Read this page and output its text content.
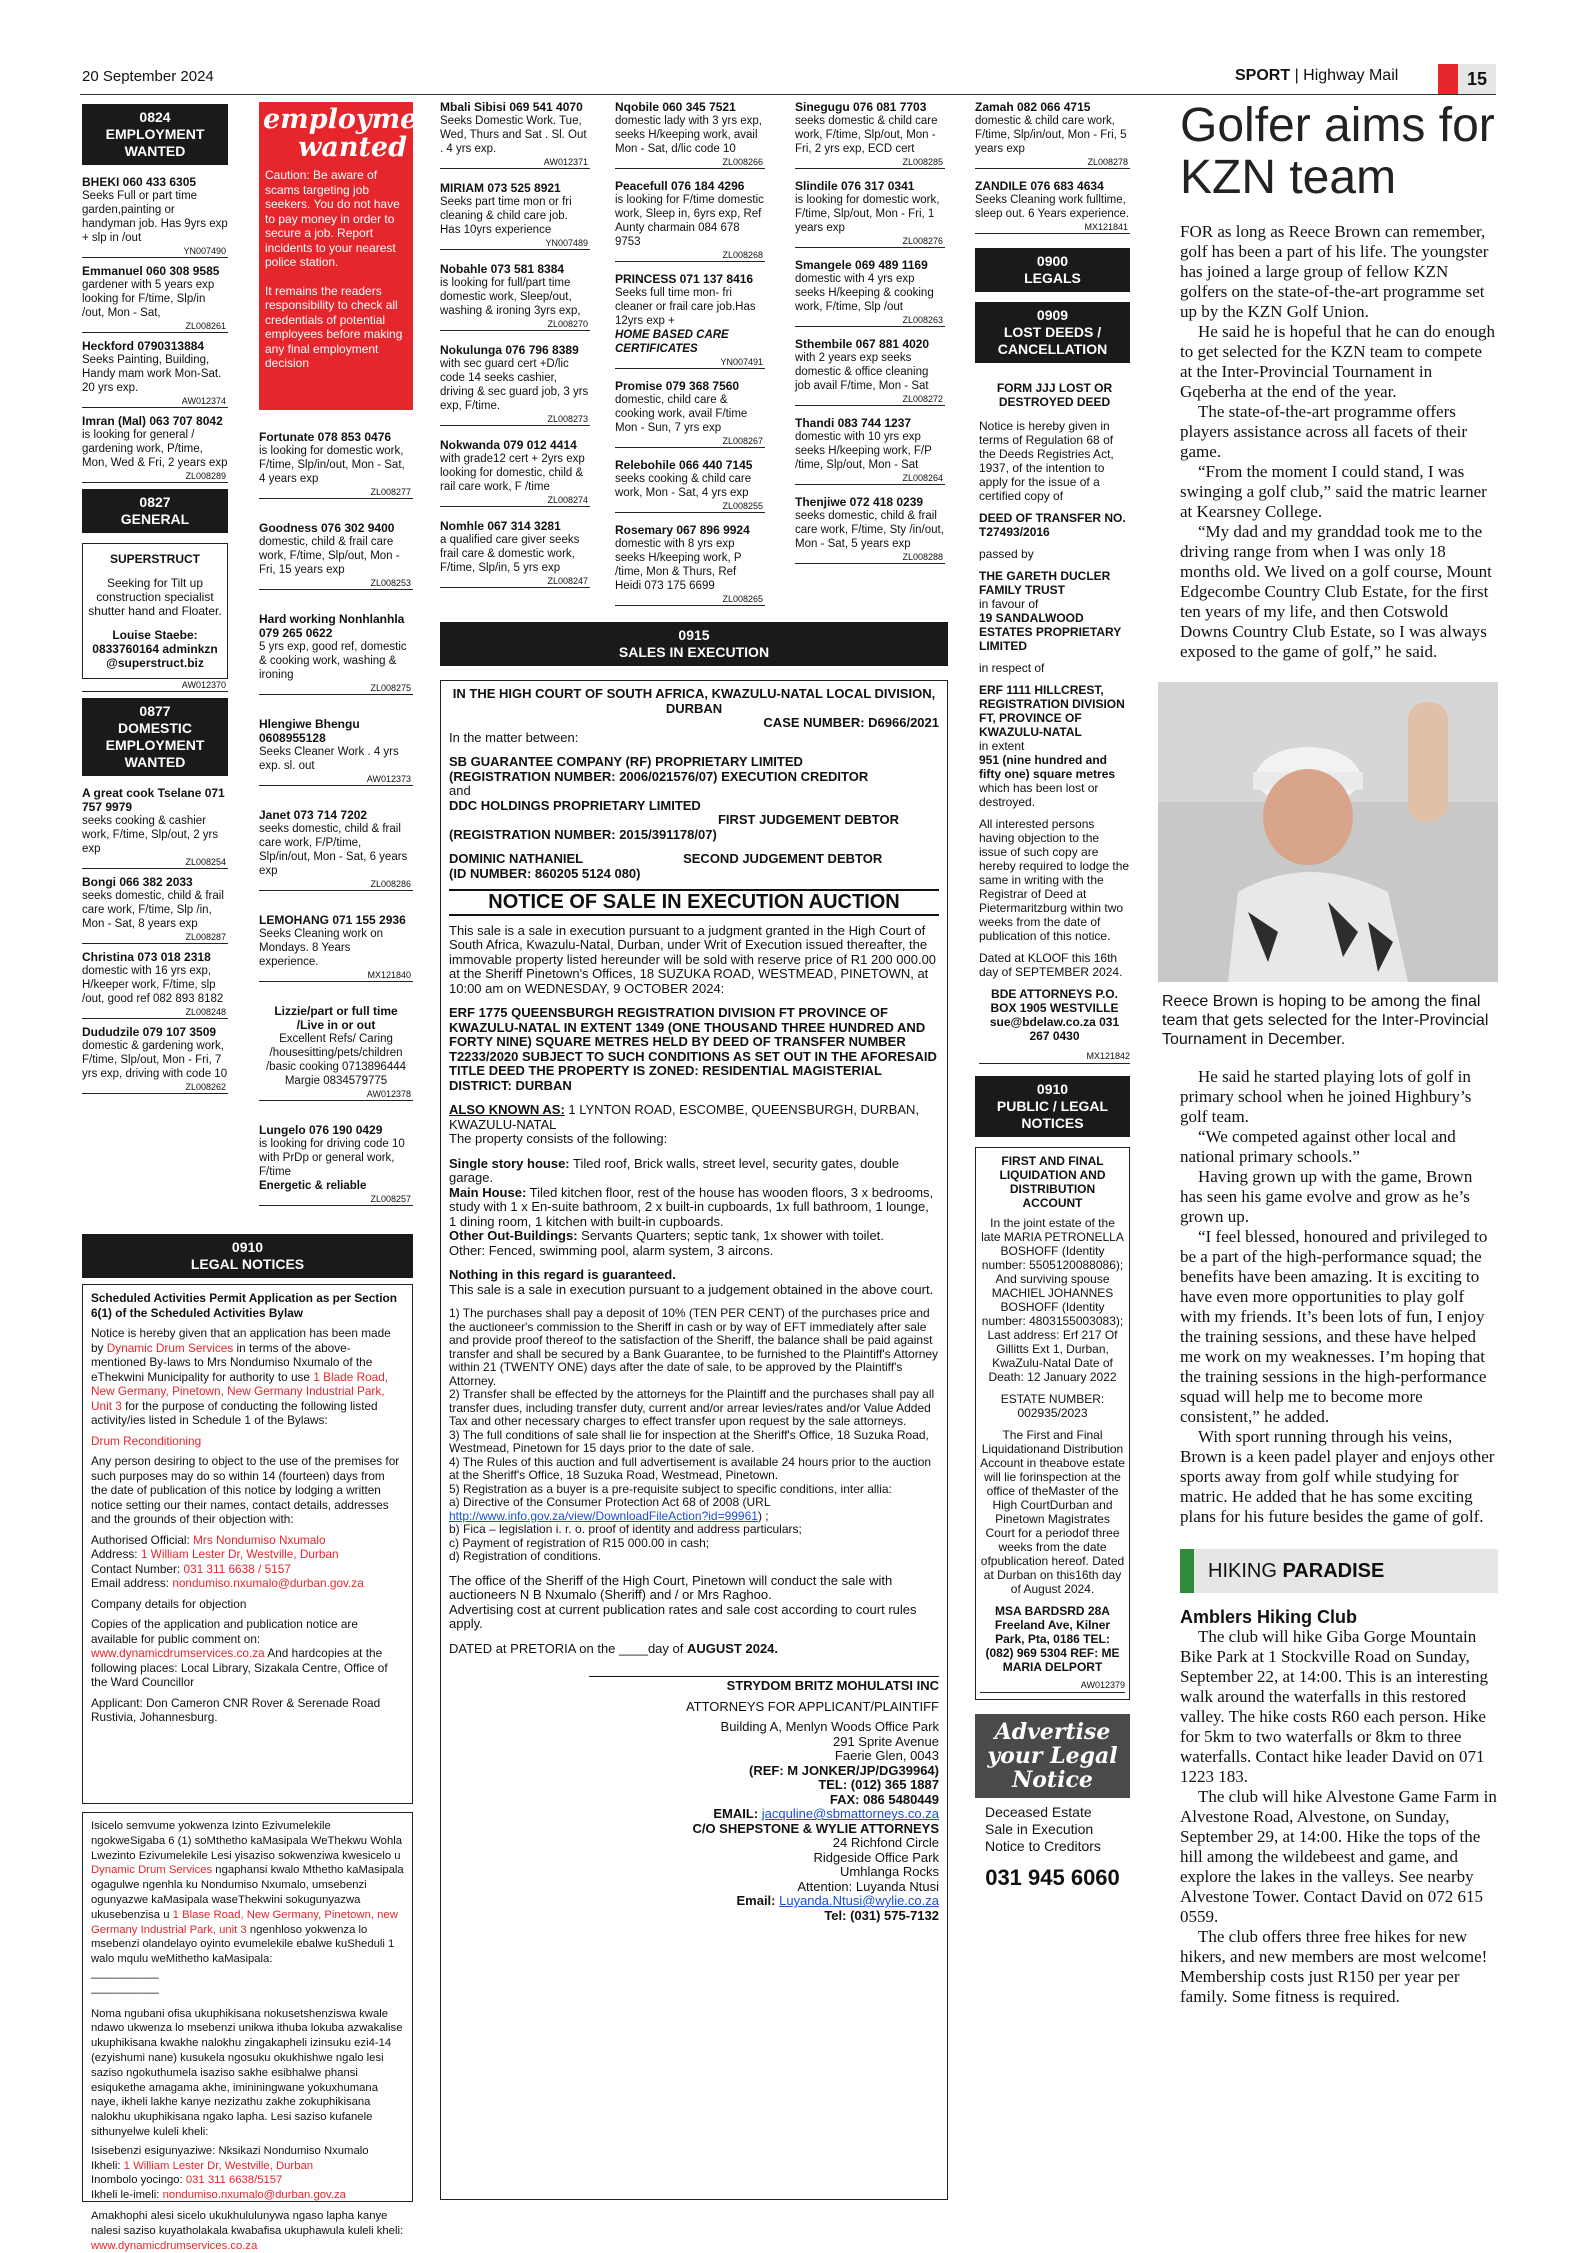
20 September 2024	SPORT | Highway Mail	15
0824
EMPLOYMENT WANTED
BHEKI 060 433 6305
Seeks Full or part time garden,painting or handyman job. Has 9yrs exp + slp in /out
YN007490
Emmanuel 060 308 9585
gardener with 5 years exp looking for F/time, Slp/in /out, Mon - Sat,
ZL008261
Heckford 0790313884
Seeks Painting, Building, Handy mam work Mon-Sat. 20 yrs exp.
AW012374
Imran (Mal) 063 707 8042
is looking for general / gardening work, P/time, Mon, Wed & Fri, 2 years exp
ZL008289
0827
GENERAL
SUPERSTRUCT
Seeking for Tilt up construction specialist shutter hand and Floater.
Louise Staebe: 0833760164 adminkzn @superstruct.biz
AW012370
0877
DOMESTIC EMPLOYMENT WANTED
A great cook Tselane 071 757 9979
seeks cooking & cashier work, F/time, Slp/out, 2 yrs exp
ZL008254
Bongi 066 382 2033
seeks domestic, child & frail care work, F/time, Slp /in, Mon - Sat, 8 years exp
ZL008287
Christina 073 018 2318
domestic with 16 yrs exp, H/keeper work, F/time, slp /out, good ref 082 893 8182
ZL008248
Dududzile 079 107 3509
domestic & gardening work, F/time, Slp/out, Mon - Fri, 7 yrs exp, driving with code 10
ZL008262
employment wanted
Caution: Be aware of scams targeting job seekers. You do not have to pay money in order to secure a job. Report incidents to your nearest police station.
It remains the readers responsibility to check all credentials of potential employees before making any final employment decision
Fortunate 078 853 0476
is looking for domestic work, F/time, Slp/in/out, Mon - Sat, 4 years exp
ZL008277
Goodness 076 302 9400
domestic, child & frail care work, F/time, Slp/out, Mon - Fri, 15 years exp
ZL008253
Hard working Nonhlanhla 079 265 0622
5 yrs exp, good ref, domestic & cooking work, washing & ironing
ZL008275
Hlengiwe Bhengu 0608955128
Seeks Cleaner Work . 4 yrs exp. sl. out
AW012373
Janet 073 714 7202
seeks domestic, child & frail care work, F/P/time, Slp/in/out, Mon - Sat, 6 years exp
ZL008286
LEMOHANG 071 155 2936
Seeks Cleaning work on Mondays. 8 Years experience.
MX121840
Lizzie/part or full time /Live in or out
Excellent Refs/ Caring /housesitting/pets/children /basic cooking 0713896444 Margie 0834579775
AW012378
Lungelo 076 190 0429
is looking for driving code 10 with PrDp or general work, F/time
Energetic & reliable
ZL008257
Mbali Sibisi 069 541 4070
Seeks Domestic Work. Tue, Wed, Thurs and Sat . Sl. Out . 4 yrs exp.
AW012371
MIRIAM 073 525 8921
Seeks part time mon or fri cleaning & child care job. Has 10yrs experience
YN007489
Nobahle 073 581 8384
is looking for full/part time domestic work, Sleep/out, washing & ironing 3yrs exp,
ZL008270
Nokulunga 076 796 8389
with sec guard cert +D/lic code 14 seeks cashier, driving & sec guard job, 3 yrs exp, F/time.
ZL008273
Nokwanda 079 012 4414
with grade12 cert + 2yrs exp looking for domestic, child & rail care work, F /time
ZL008274
Nomhle 067 314 3281
a qualified care giver seeks frail care & domestic work, F/time, Slp/in, 5 yrs exp
ZL008247
Nqobile 060 345 7521
domestic lady with 3 yrs exp, seeks H/keeping work, avail Mon - Sat, d/lic code 10
ZL008266
Peacefull 076 184 4296
is looking for F/time domestic work, Sleep in, 6yrs exp, Ref Aunty charmain 084 678 9753
ZL008268
PRINCESS 071 137 8416
Seeks full time mon- fri cleaner or frail care job.Has 12yrs exp +
HOME BASED CARE CERTIFICATES
YN007491
Promise 079 368 7560
domestic, child care & cooking work, avail F/time Mon - Sun, 7 yrs exp
ZL008267
Relebohile 066 440 7145
seeks cooking & child care work, Mon - Sat, 4 yrs exp
ZL008255
Rosemary 067 896 9924
domestic with 8 yrs exp seeks H/keeping work, P /time, Mon & Thurs, Ref Heidi 073 175 6699
ZL008265
Sinegugu 076 081 7703
seeks domestic & child care work, F/time, Slp/out, Mon - Fri, 2 yrs exp, ECD cert
ZL008285
Slindile 076 317 0341
is looking for domestic work, F/time, Slp/out, Mon - Fri, 1 years exp
ZL008276
Smangele 069 489 1169
domestic with 4 yrs exp seeks H/keeping & cooking work, F/time, Slp /out
ZL008263
Sthembile 067 881 4020
with 2 years exp seeks domestic & office cleaning job avail F/time, Mon - Sat
ZL008272
Thandi 083 744 1237
domestic with 10 yrs exp seeks H/keeping work, F/P /time, Slp/out, Mon - Sat
ZL008264
Thenjiwe 072 418 0239
seeks domestic, child & frail care work, F/time, Sty /in/out, Mon - Sat, 5 years exp
ZL008288
Zamah 082 066 4715
domestic & child care work, F/time, Slp/in/out, Mon - Fri, 5 years exp
ZL008278
ZANDILE 076 683 4634
Seeks Cleaning work fulltime, sleep out. 6 Years experience.
MX121841
0900
LEGALS
0909
LOST DEEDS / CANCELLATION
FORM JJJ LOST OR DESTROYED DEED
Notice is hereby given in terms of Regulation 68 of the Deeds Registries Act, 1937, of the intention to apply for the issue of a certified copy of
DEED OF TRANSFER NO. T27493/2016
passed by
THE GARETH DUCLER FAMILY TRUST
in favour of
19 SANDALWOOD ESTATES PROPRIETARY LIMITED
in respect of
ERF 1111 HILLCREST, REGISTRATION DIVISION FT, PROVINCE OF KWAZULU-NATAL
in extent
951 (nine hundred and fifty one) square metres
which has been lost or destroyed.
All interested persons having objection to the issue of such copy are hereby required to lodge the same in writing with the Registrar of Deed at Pietermaritzburg within two weeks from the date of publication of this notice.
Dated at KLOOF this 16th day of SEPTEMBER 2024.
BDE ATTORNEYS P.O. BOX 1905 WESTVILLE sue@bdelaw.co.za 031 267 0430
MX121842
0910
PUBLIC / LEGAL NOTICES
FIRST AND FINAL LIQUIDATION AND DISTRIBUTION ACCOUNT
In the joint estate of the late MARIA PETRONELLA BOSHOFF (Identity number: 5505120088086); And surviving spouse MACHIEL JOHANNES BOSHOFF (Identity number: 4803155003083); Last address: Erf 217 Of Gillitts Ext 1, Durban, KwaZulu-Natal Date of Death: 12 January 2022
ESTATE NUMBER: 002935/2023
The First and Final Liquidationand Distribution Account in theabove estate will lie forinspection at the office of theMaster of the High CourtDurban and Pinetown Magistrates Court for a periodof three weeks from the date ofpublication hereof. Dated at Durban on this16th day of August 2024.
MSA BARDSRD 28A Freeland Ave, Kilner Park, Pta, 0186 TEL: (082) 969 5304 REF: ME MARIA DELPORT
AW012379
Advertise your Legal Notice
Deceased Estate
Sale in Execution
Notice to Creditors
031 945 6060
0910
LEGAL NOTICES
Scheduled Activities Permit Application as per Section 6(1) of the Scheduled Activities Bylaw
Notice is hereby given that an application has been made by Dynamic Drum Services in terms of the above- mentioned By-laws to Mrs Nondumiso Nxumalo of the eThekwini Municipality for authority to use 1 Blade Road, New Germany, Pinetown, New Germany Industrial Park, Unit 3 for the purpose of conducting the following listed activity/ies listed in Schedule 1 of the Bylaws:
Drum Reconditioning
Any person desiring to object to the use of the premises for such purposes may do so within 14 (fourteen) days from the date of publication of this notice by lodging a written notice setting our their names, contact details, addresses and the grounds of their objection with:
Authorised Official: Mrs Nondumiso Nxumalo
Address: 1 William Lester Dr, Westville, Durban
Contact Number: 031 311 6638 / 5157
Email address: nondumiso.nxumalo@durban.gov.za
Company details for objection
Copies of the application and publication notice are available for public comment on: www.dynamicdrumservices.co.za And hardcopies at the following places: Local Library, Sizakala Centre, Office of the Ward Councillor
Applicant: Don Cameron CNR Rover & Serenade Road Rustivia, Johannesburg.
Isicelo semvume yokwenza Izinto Ezivumelekile ngokweSigaba 6 (1) soMthetho kaMasipala WeThekwu Wohla Lwezinto Ezivumelekile Lesi yisaziso sokwenziwa kwesicelo u Dynamic Drum Services ngaphansi kwalo Mthetho kaMasipala ogagulwe ngenhla ku Nondumiso Nxumalo, umsebenzi ogunyazwe kaMasipala waseThekwini sokugunyazwa ukusebenzisa u 1 Blase Road, New Germany, Pinetown, new Germany Industrial Park, unit 3 ngenhloso yokwenza lo msebenzi olandelayo oyinto evumelekile ebalwe kuSheduli 1 walo mqulu weMithetho kaMasipala:
——————
——————
Noma ngubani ofisa ukuphikisana nokusetshenziswa kwale ndawo ukwenza lo msebenzi unikwa ithuba lokuba azwakalise ukuphikisana kwakhe nalokhu zingakapheli izinsuku ezi4-14 (ezyishumi nane) kusukela ngosuku okukhishwe ngalo lesi saziso ngokuthumela isaziso sakhe esibhalwe phansi esiqukethe amagama akhe, imininingwane yokuxhumana naye, ikheli lakhe kanye nezizathu zakhe zokuphikisana nalokhu ukuphikisana ngako lapha. Lesi saziso kufanele sithunyelwe kuleli kheli:
Isisebenzi esigunyaziwe: Nksikazi Nondumiso Nxumalo
Ikheli: 1 William Lester Dr, Westville, Durban
Inombolo yocingo: 031 311 6638/5157
Ikheli le-imeli: nondumiso.nxumalo@durban.gov.za
Amakhophi alesi sicelo ukukhululunywa ngaso lapha kanye nalesi saziso kuyatholakala kwabafisa ukuphawula kuleli kheli: www.dynamicdrumservices.co.za
0915
SALES IN EXECUTION
IN THE HIGH COURT OF SOUTH AFRICA, KWAZULU-NATAL LOCAL DIVISION, DURBAN
CASE NUMBER: D6966/2021
In the matter between:
SB GUARANTEE COMPANY (RF) PROPRIETARY LIMITED
(REGISTRATION NUMBER: 2006/021576/07) EXECUTION CREDITOR
and
DDC HOLDINGS PROPRIETARY LIMITED
FIRST JUDGEMENT DEBTOR
(REGISTRATION NUMBER: 2015/391178/07)
DOMINIC NATHANIEL	SECOND JUDGEMENT DEBTOR
(ID NUMBER: 860205 5124 080)
NOTICE OF SALE IN EXECUTION AUCTION
This sale is a sale in execution pursuant to a judgment granted in the High Court of South Africa, Kwazulu-Natal, Durban, under Writ of Execution issued thereafter, the immovable property listed hereunder will be sold with reserve price of R1 200 000.00 at the Sheriff Pinetown's Offices, 18 SUZUKA ROAD, WESTMEAD, PINETOWN, at 10:00 am on WEDNESDAY, 9 OCTOBER 2024:
ERF 1775 QUEENSBURGH REGISTRATION DIVISION FT PROVINCE OF KWAZULU-NATAL IN EXTENT 1349 (ONE THOUSAND THREE HUNDRED AND FORTY NINE) SQUARE METRES HELD BY DEED OF TRANSFER NUMBER T2233/2020 SUBJECT TO SUCH CONDITIONS AS SET OUT IN THE AFORESAID TITLE DEED THE PROPERTY IS ZONED: RESIDENTIAL MAGISTERIAL DISTRICT: DURBAN
ALSO KNOWN AS: 1 LYNTON ROAD, ESCOMBE, QUEENSBURGH, DURBAN, KWAZULU-NATAL
The property consists of the following:
Single story house: Tiled roof, Brick walls, street level, security gates, double garage.
Main House: Tiled kitchen floor, rest of the house has wooden floors, 3 x bedrooms, study with 1 x En-suite bathroom, 2 x built-in cupboards, 1x full bathroom, 1 lounge, 1 dining room, 1 kitchen with built-in cupboards.
Other Out-Buildings: Servants Quarters; septic tank, 1x shower with toilet.
Other: Fenced, swimming pool, alarm system, 3 aircons.
Nothing in this regard is guaranteed.
This sale is a sale in execution pursuant to a judgement obtained in the above court.
1) The purchases shall pay a deposit of 10% (TEN PER CENT) of the purchases price and the auctioneer's commission to the Sheriff in cash or by way of EFT immediately after sale and provide proof thereof to the satisfaction of the Sheriff, the balance shall be paid against transfer and shall be secured by a Bank Guarantee, to be furnished to the Plaintiff's Attorney within 21 (TWENTY ONE) days after the date of sale, to be approved by the Plaintiff's Attorney.
2) Transfer shall be effected by the attorneys for the Plaintiff and the purchases shall pay all transfer dues, including transfer duty, current and/or arrear levies/rates and/or Value Added Tax and other necessary charges to effect transfer upon request by the sale attorneys.
3) The full conditions of sale shall lie for inspection at the Sheriff's Office, 18 Suzuka Road, Westmead, Pinetown for 15 days prior to the date of sale.
4) The Rules of this auction and full advertisement is available 24 hours prior to the auction at the Sheriff's Office, 18 Suzuka Road, Westmead, Pinetown.
5) Registration as a buyer is a pre-requisite subject to specific conditions, inter allia:
a) Directive of the Consumer Protection Act 68 of 2008 (URL http://www.info.gov.za/view/DownloadFileAction?id=99961) ;
b) Fica – legislation i. r. o. proof of identity and address particulars;
c) Payment of registration of R15 000.00 in cash;
d) Registration of conditions.
The office of the Sheriff of the High Court, Pinetown will conduct the sale with auctioneers N B Nxumalo (Sheriff) and / or Mrs Raghoo.
Advertising cost at current publication rates and sale cost according to court rules apply.
DATED at PRETORIA on the ____day of AUGUST 2024.
STRYDOM BRITZ MOHULATSI INC
ATTORNEYS FOR APPLICANT/PLAINTIFF
Building A, Menlyn Woods Office Park
291 Sprite Avenue
Faerie Glen, 0043
(REF: M JONKER/JP/DG39964)
TEL: (012) 365 1887
FAX: 086 5480449
EMAIL: jacquline@sbmattorneys.co.za
C/O SHEPSTONE & WYLIE ATTORNEYS
24 Richfond Circle
Ridgeside Office Park
Umhlanga Rocks
Attention: Luyanda Ntusi
Email: Luyanda.Ntusi@wylie.co.za
Tel: (031) 575-7132
Golfer aims for KZN team

FOR as long as Reece Brown can remember, golf has been a part of his life. The youngster has joined a large group of fellow KZN golfers on the state-of-the-art programme set up by the KZN Golf Union.

He said he is hopeful that he can do enough to get selected for the KZN team to compete at the Inter-Provincial Tournament in Gqeberha at the end of the year.

The state-of-the-art programme offers players assistance across all facets of their game.

“From the moment I could stand, I was swinging a golf club,” said the matric learner at Kearsney College.

“My dad and my granddad took me to the driving range from when I was only 18 months old. We lived on a golf course, Mount Edgecombe Country Club Estate, for the first ten years of my life, and then Cotswold Downs Country Club Estate, so I was always exposed to the game of golf,” he said.

Reece Brown is hoping to be among the final team that gets selected for the Inter-Provincial Tournament in December.

He said he started playing lots of golf in primary school when he joined Highbury’s golf team.

“We competed against other local and national primary schools.”

Having grown up with the game, Brown has seen his game evolve and grow as he’s grown up.

“I feel blessed, honoured and privileged to be a part of the high-performance squad; the benefits have been amazing. It is exciting to have even more opportunities to play golf with my friends. It’s been lots of fun, I enjoy the training sessions, and these have helped me work on my weaknesses. I’m hoping that the training sessions in the high-performance squad will help me to become more consistent,” he added.

With sport running through his veins, Brown is a keen padel player and enjoys other sports away from golf while studying for matric. He added that he has some exciting plans for his future besides the game of golf.

HIKING PARADISE
Amblers Hiking Club

The club will hike Giba Gorge Mountain Bike Park at 1 Stockville Road on Sunday, September 22, at 14:00. This is an interesting walk around the waterfalls in this restored valley. The hike costs R60 each person. Hike for 5km to two waterfalls or 8km to three waterfalls. Contact hike leader David on 071 1223 183.

The club will hike Alvestone Game Farm in Alvestone Road, Alvestone, on Sunday, September 29, at 14:00. Hike the tops of the hill among the wildebeest and game, and explore the lakes in the valleys. See nearby Alvestone Tower. Contact David on 072 615 0559.

The club offers three free hikes for new hikers, and new members are most welcome! Membership costs just R150 per year per family. Some fitness is required.
